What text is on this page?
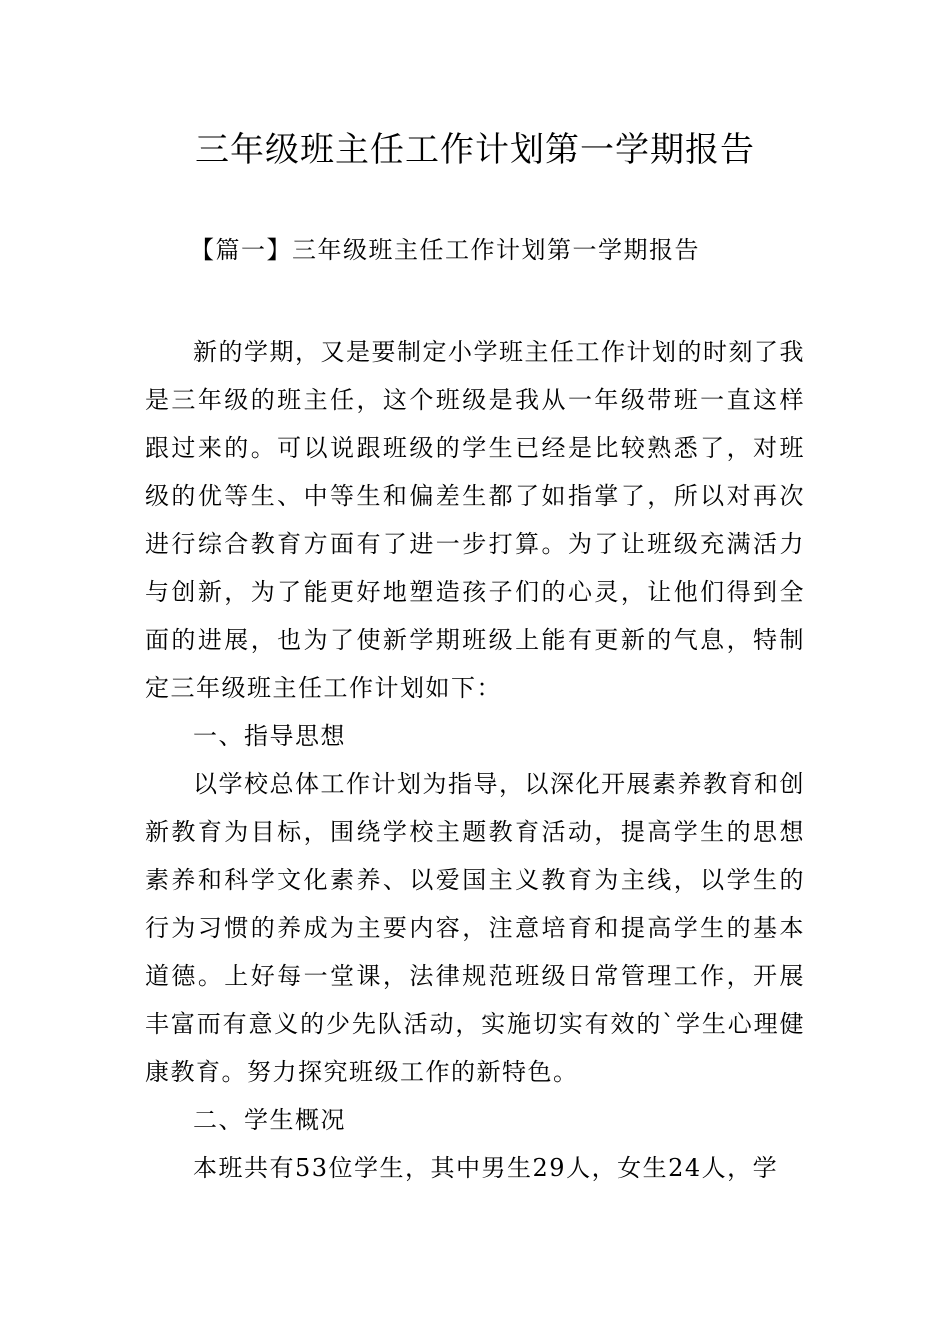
三年级班主任工作计划第一学期报告
【篇一】三年级班主任工作计划第一学期报告

新的学期，又是要制定小学班主任工作计划的时刻了我是三年级的班主任，这个班级是我从一年级带班一直这样跟过来的。可以说跟班级的学生已经是比较熟悉了，对班级的优等生、中等生和偏差生都了如指掌了，所以对再次进行综合教育方面有了进一步打算。为了让班级充满活力与创新，为了能更好地塑造孩子们的心灵，让他们得到全面的进展，也为了使新学期班级上能有更新的气息，特制定三年级班主任工作计划如下：

一、指导思想

以学校总体工作计划为指导，以深化开展素养教育和创新教育为目标，围绕学校主题教育活动，提高学生的思想素养和科学文化素养、以爱国主义教育为主线，以学生的行为习惯的养成为主要内容，注意培育和提高学生的基本道德。上好每一堂课，法律规范班级日常管理工作，开展丰富而有意义的少先队活动，实施切实有效的`学生心理健康教育。努力探究班级工作的新特色。

二、学生概况

本班共有53位学生，其中男生29人，女生24人，学
